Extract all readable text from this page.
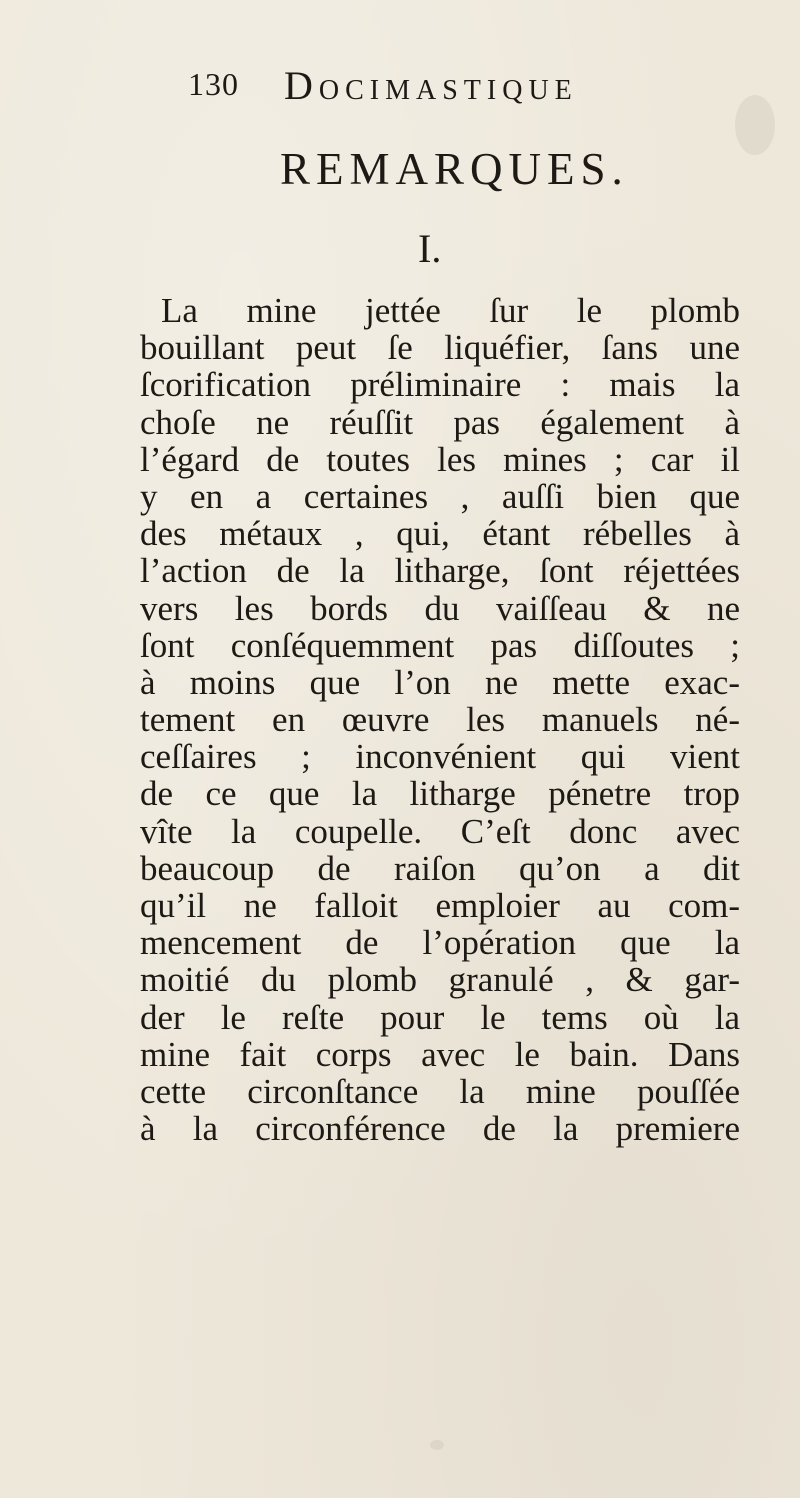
130 Docimastique
REMARQUES.
I.
La mine jettée ſur le plomb
bouillant peut ſe liquéfier, ſans une
ſcorification préliminaire : mais la
choſe ne réuſſit pas également à
l’égard de toutes les mines ; car il
y en a certaines , auſſi bien que
des métaux , qui, étant rébelles à
l’action de la litharge, ſont réjettées
vers les bords du vaiſſeau & ne
ſont conſéquemment pas diſſoutes ;
à moins que l’on ne mette exac-
tement en œuvre les manuels né-
ceſſaires ; inconvénient qui vient
de ce que la litharge pénetre trop
vîte la coupelle. C’eſt donc avec
beaucoup de raiſon qu’on a dit
qu’il ne falloit emploier au com-
mencement de l’opération que la
moitié du plomb granulé , & gar-
der le reſte pour le tems où la
mine fait corps avec le bain. Dans
cette circonſtance la mine pouſſée
à la circonférence de la premiere
